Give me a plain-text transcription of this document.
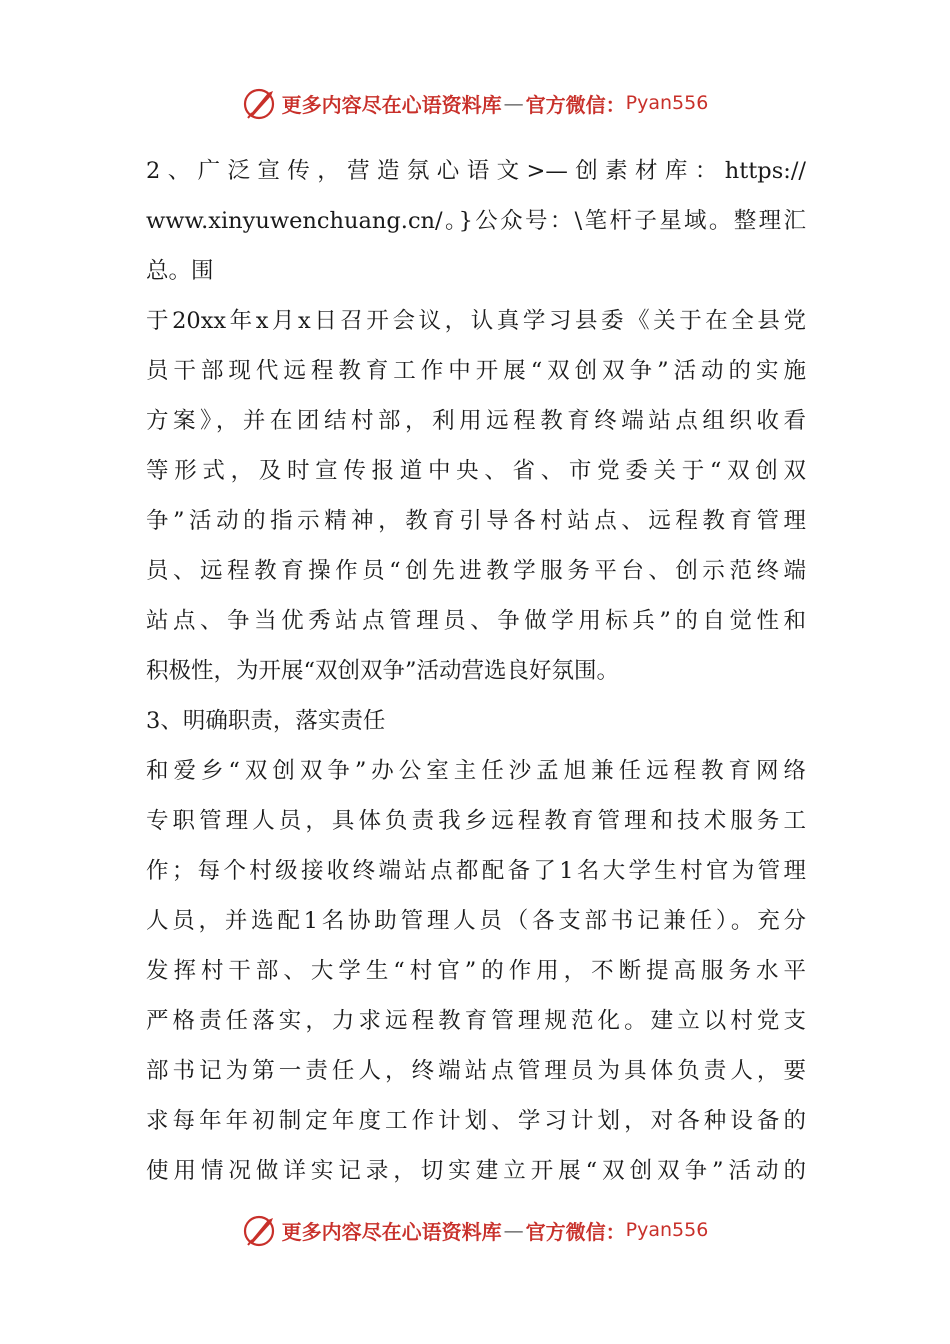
更多内容尽在心语资料库 — 官方微信： Pyan556
2、广泛宣传，营造氛心语文>—创素材库：https://
www.xinyuwenchuang.cn/。}公众号：\笔杆子星域。整理汇
总。围
于20xx年x月x日召开会议，认真学习县委《关于在全县党
员干部现代远程教育工作中开展“双创双争”活动的实施
方案》，并在团结村部，利用远程教育终端站点组织收看
等形式，及时宣传报道中央、省、市党委关于“双创双
争”活动的指示精神，教育引导各村站点、远程教育管理
员、远程教育操作员“创先进教学服务平台、创示范终端
站点、争当优秀站点管理员、争做学用标兵”的自觉性和
积极性，为开展“双创双争”活动营选良好氛围。
3、明确职责，落实责任
和爱乡“双创双争”办公室主任沙孟旭兼任远程教育网络
专职管理人员，具体负责我乡远程教育管理和技术服务工
作；每个村级接收终端站点都配备了1名大学生村官为管理
人员，并选配1名协助管理人员（各支部书记兼任）。充分
发挥村干部、大学生“村官”的作用，不断提高服务水平
严格责任落实，力求远程教育管理规范化。建立以村党支
部书记为第一责任人，终端站点管理员为具体负责人，要
求每年年初制定年度工作计划、学习计划，对各种设备的
使用情况做详实记录，切实建立开展“双创双争”活动的
更多内容尽在心语资料库 — 官方微信： Pyan556
